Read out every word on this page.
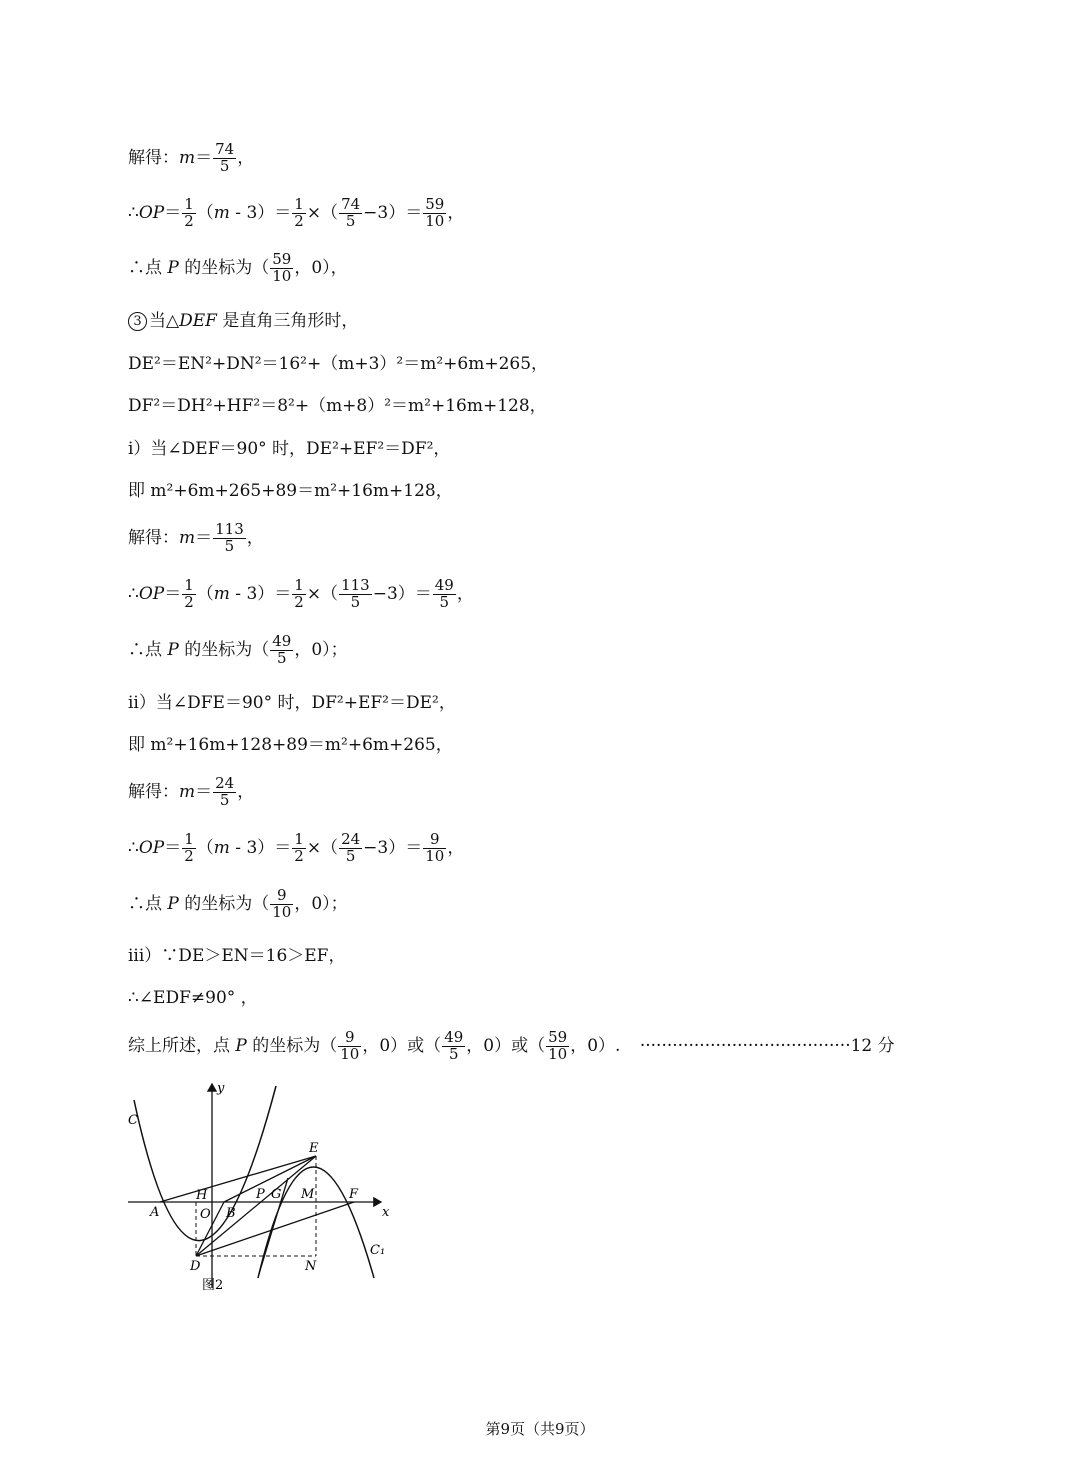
解得：$m= \frac{74}{5}$ ，
∴OP＝ $\frac{1}{2} (m - 3)= \frac{1}{2}$ ×（ $\frac{74}{5} -3)= \frac{59}{10}$ ，
∴点 P 的坐标为（ $\frac{59}{10}$ ，0），
3 当△DEF 是直角三角形时，
DE²＝EN²+DN²＝16²+（m+3）²＝m²+6m+265，
DF²＝DH²+HF²＝8²+（m+8）²＝m²+16m+128，
i）当∠DEF＝90° 时，DE²+EF²＝DF²，
即 m²+6m+265+89＝m²+16m+128，
解得：$m= \frac{113}{5}$ ，
∴OP＝ $\frac{1}{2} (m - 3)= \frac{1}{2}$ ×（ $\frac{113}{5} -3)= \frac{49}{5}$ ，
∴点 P 的坐标为（ $\frac{49}{5}$ ，0）；
ii）当∠DFE＝90° 时，DF²+EF²＝DE²，
即 m²+16m+128+89＝m²+6m+265，
解得：$m= \frac{24}{5}$ ，
∴OP＝ $\frac{1}{2} (m - 3)= \frac{1}{2}$ ×（ $\frac{24}{5} -3)= \frac{9}{10}$ ，
∴点 P 的坐标为（ $\frac{9}{10}$ ，0）；
iii）∵DE＞EN＝16＞EF，
∴∠EDF≠90° ，
综上所述，点 P 的坐标为（ $\frac{9}{10}$ ，0）或（ $\frac{49}{5}$ ，0）或（ $\frac{59}{10}$ ，0）. ·······································12 分
y
x
C
C₁
A	O B
H	P G M	F
E
D	N
图2
第9页（共9页）
